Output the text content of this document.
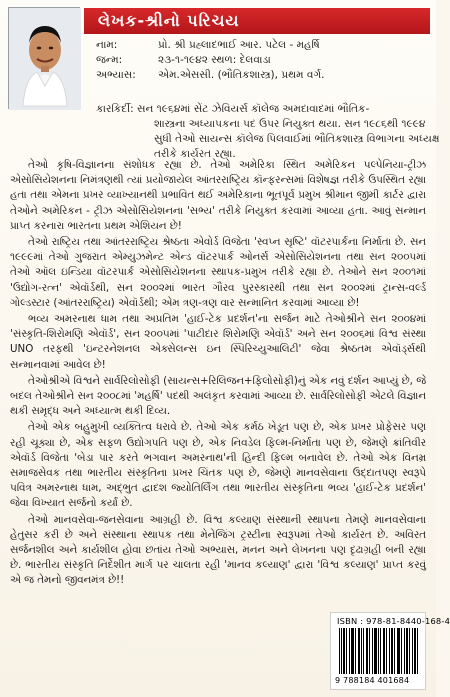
લેખક-શ્રીનો પરિચય
નામ:	પ્રો. શ્રી પ્રહ્લાદભાઈ આર. પટેલ - મહર્ષિ
જન્મ:	૨૩-૧-૧૯૪૨ સ્થળ: દેલવાડા
અભ્યાસ:	એમ.એસસી. (ભૌતિકશાસ્ત્ર), પ્રથમ વર્ગ.
કારકિર્દી: સન ૧૯૬૪માં સેંટ ઝેવિયર્સ કૉલેજ અમદાવાદમાં ભૌતિક-
શાસ્ત્રના અધ્યાપકના પદ ઉપર નિયુક્ત થયા. સન ૧૯૮૬થી ૧૯૯૪
સુધી તેઓ સાયન્સ કૉલેજ પિલવાઈમાં ભૌતિકશાસ્ત્ર વિભાગના અધ્યક્ષ
તરીકે કાર્યરત રહ્યા.

તેઓ કૃષિ-વિજ્ઞાનના સંશોધક રહ્યા છે. તેઓ અમેરિકા સ્થિત અમેરિકન પલ્પેનિયા-ટ્રીઝ એસોસિયેશનના નિમંત્રણથી ત્યાં પ્રયોજાયેલ આંતરરાષ્ટ્રિય કૉન્ફરન્સમાં વિશેષજ્ઞ તરીકે ઉપસ્થિત રહ્યા હતા તથા એમના પ્રખર વ્યાખ્યાનથી પ્રભાવિત થઈ અમેરિકાના ભૂતપૂર્વ પ્રમુખ શ્રીમાન જીમી કાર્ટર દ્વારા તેઓને અમેરિકન - ટ્રીઝ એસોસિયેશનના 'સભ્ય' તરીકે નિયુક્ત કરવામાં આવ્યા હતા. આવું સન્માન પ્રાપ્ત કરનારા ભારતના પ્રથમ એશિયન છે!

તેઓ રાષ્ટ્રિય તથા આંતરરાષ્ટ્રિય શ્રેષ્ઠતા એવોર્ડ વિજેતા 'સ્વપ્ન સૃષ્ટિ' વૉટરપાર્કના નિર્માતા છે. સન ૧૯૯૯માં તેઓ ગુજરાત એમ્યુઝમેન્ટ એન્ડ વૉટરપાર્ક ઓનર્સ એસોસિયેશનના તથા સન ૨૦૦૫માં તેઓ ઑલ ઇન્ડિયા વૉટરપાર્ક એસોસિયેશનના સ્થાપક-પ્રમુખ તરીકે રહ્યા છે. તેઓને સન ૨૦૦૧માં 'ઉદ્યોગ-રત્ન' એવૉર્ડથી, સન ૨૦૦૨માં ભારત ગૌરવ પુરસ્કારથી તથા સન ૨૦૦૨માં ટ્રાન્સ-વર્લ્ડ ગોલ્ડસ્ટાર (આંતરરાષ્ટ્રિય) એવૉર્ડથી; એમ ત્રણ-ત્રણ વાર સન્માનિત કરવામાં આવ્યા છે!

ભવ્ય અમરનાથ ધામ તથા અપ્રતિમ 'હાઈ-ટેક પ્રદર્શન'ના સર્જન માટે તેઓશ્રીને સન ૨૦૦૪માં 'સંસ્કૃતિ-શિરોમણિ એવૉર્ડ', સન ૨૦૦૫માં 'પાટીદાર શિરોમણિ એવૉર્ડ' અને સન ૨૦૦૬માં વિશ્વ સંસ્થા UNO તરફથી 'ઇન્ટરનેશનલ એક્સેલન્સ ઇન સ્પિરિચ્યુઆલિટી' જેવા શ્રેષ્ઠતમ એવૉર્ડ્સથી સન્માનવામાં આવેલ છે!

તેઓશ્રીએ વિશ્વને સાર્વરિલોસોફી (સાયન્સ+રિલિજન+ફિલોસોફી)નું એક નવું દર્શન આપ્યું છે, જે બદલ તેઓશ્રીને સન ૨૦૦૮માં 'મહર્ષિ' પદથી અલંકૃત કરવામાં આવ્યા છે. સાર્વરિલોસોફી એટલે વિજ્ઞાન થકી સમૃદ્ધ અને અધ્યાત્મ થકી દિવ્ય.

તેઓ એક બહુમુખી વ્યક્તિત્વ ધરાવે છે. તેઓ એક કર્મઠ ખેડૂત પણ છે, એક પ્રખર પ્રોફેસર પણ રહી ચૂક્યા છે, એક સફળ ઉદ્યોગપતિ પણ છે, એક નિવડેલ ફિલ્મ-નિર્માતા પણ છે, જેમણે ક્રાંતિવીર એવૉર્ડ વિજેતા 'બેડા પાર કરતે ભગવાન અમરનાથ'ની હિન્દી ફિલ્મ બનાવેલ છે. તેઓ એક વિનમ્ર સમાજસેવક તથા ભારતીય સંસ્કૃતિના પ્રખર ચિંતક પણ છે, જેમણે માનવસેવાના ઉદ્દાતપણ સ્વરૂપે પવિત્ર અમરનાથ ધામ, અદ્ભુત દ્વાદશ જ્યોતિર્લિંગ તથા ભારતીય સંસ્કૃતિના ભવ્ય 'હાઈ-ટેક પ્રદર્શન' જેવા વિખ્યાત સર્જનો કર્યાં છે.

તેઓ માનવસેવા-જનસેવાના આગ્રહી છે. વિશ્વ કલ્યાણ સંસ્થાની સ્થાપના તેમણે માનવસેવાના હેતુસર કરી છે અને સંસ્થાના સ્થાપક તથા મેનેજિંગ ટ્રસ્ટીના સ્વરૂપમાં તેઓ કાર્યરત છે. અવિરત સર્જનશીલ અને કાર્યશીલ હોવા છતાંય તેઓ અભ્યાસ, મનન અને લેખનના પણ દૃઢાગ્રહી બની રહ્યા છે. ભારતીય સંસ્કૃતિ નિર્દેશીત માર્ગ પર ચાલતા રહી 'માનવ કલ્યાણ' દ્વારા 'વિશ્વ કલ્યાણ' પ્રાપ્ત કરવું એ જ તેમનો જીવનમંત્ર છે!!

ISBN : 978-81-8440-168-4
9 788184 401684
